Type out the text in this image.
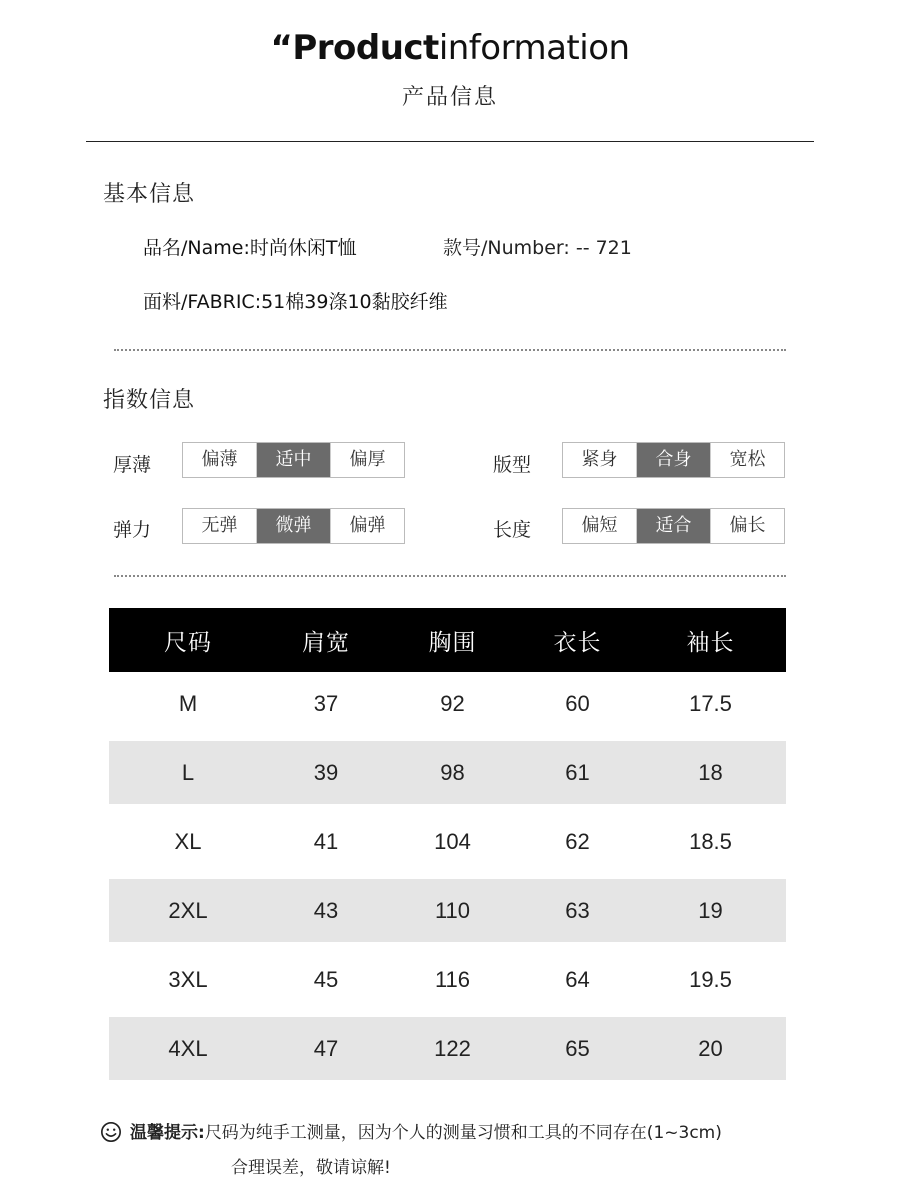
“Productinformation
产品信息
基本信息
品名/Name:时尚休闲T恤	款号/Number: -- 721
面料/FABRIC:51棉39涤10黏胶纤维
指数信息
厚薄	偏薄	适中	偏厚	版型	紧身	合身	宽松
弹力	无弹	微弹	偏弹	长度	偏短	适合	偏长
尺码	肩宽	胸围	衣长	袖长
M	37	92	60	17.5
L	39	98	61	18
XL	41	104	62	18.5
2XL	43	110	63	19
3XL	45	116	64	19.5
4XL	47	122	65	20
温馨提示:尺码为纯手工测量，因为个人的测量习惯和工具的不同存在(1~3cm)
合理误差，敬请谅解!
